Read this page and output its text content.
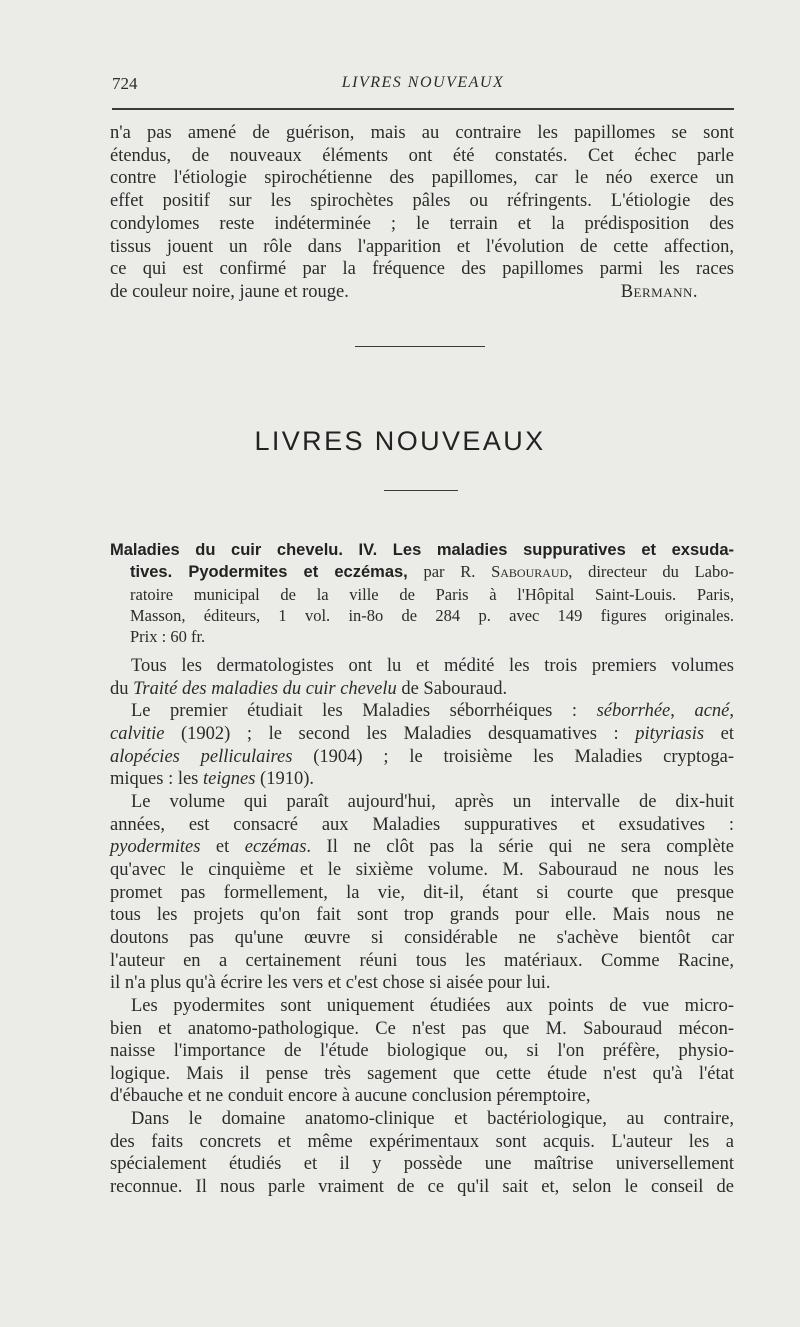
724	LIVRES NOUVEAUX
n'a pas amené de guérison, mais au contraire les papillomes se sont
étendus, de nouveaux éléments ont été constatés. Cet échec parle
contre l'étiologie spirochétienne des papillomes, car le néo exerce un
effet positif sur les spirochètes pâles ou réfringents. L'étiologie des
condylomes reste indéterminée ; le terrain et la prédisposition des
tissus jouent un rôle dans l'apparition et l'évolution de cette affection,
ce qui est confirmé par la fréquence des papillomes parmi les races
de couleur noire, jaune et rouge.	Bermann.
LIVRES NOUVEAUX
Maladies du cuir chevelu. IV. Les maladies suppuratives et exsuda-
tives. Pyodermites et eczémas, par R. Sabouraud, directeur du Labo-
ratoire municipal de la ville de Paris à l'Hôpital Saint-Louis. Paris,
Masson, éditeurs, 1 vol. in-8o de 284 p. avec 149 figures originales.
Prix : 60 fr.
Tous les dermatologistes ont lu et médité les trois premiers volumes
du Traité des maladies du cuir chevelu de Sabouraud.
Le premier étudiait les Maladies séborrhéiques : séborrhée, acné,
calvitie (1902) ; le second les Maladies desquamatives : pityriasis et
alopécies pelliculaires (1904) ; le troisième les Maladies cryptoga-
miques : les teignes (1910).
Le volume qui paraît aujourd'hui, après un intervalle de dix-huit
années, est consacré aux Maladies suppuratives et exsudatives :
pyodermites et eczémas. Il ne clôt pas la série qui ne sera complète
qu'avec le cinquième et le sixième volume. M. Sabouraud ne nous les
promet pas formellement, la vie, dit-il, étant si courte que presque
tous les projets qu'on fait sont trop grands pour elle. Mais nous ne
doutons pas qu'une œuvre si considérable ne s'achève bientôt car
l'auteur en a certainement réuni tous les matériaux. Comme Racine,
il n'a plus qu'à écrire les vers et c'est chose si aisée pour lui.
Les pyodermites sont uniquement étudiées aux points de vue micro-
bien et anatomo-pathologique. Ce n'est pas que M. Sabouraud mécon-
naisse l'importance de l'étude biologique ou, si l'on préfère, physio-
logique. Mais il pense très sagement que cette étude n'est qu'à l'état
d'ébauche et ne conduit encore à aucune conclusion péremptoire,
Dans le domaine anatomo-clinique et bactériologique, au contraire,
des faits concrets et même expérimentaux sont acquis. L'auteur les a
spécialement étudiés et il y possède une maîtrise universellement
reconnue. Il nous parle vraiment de ce qu'il sait et, selon le conseil de
